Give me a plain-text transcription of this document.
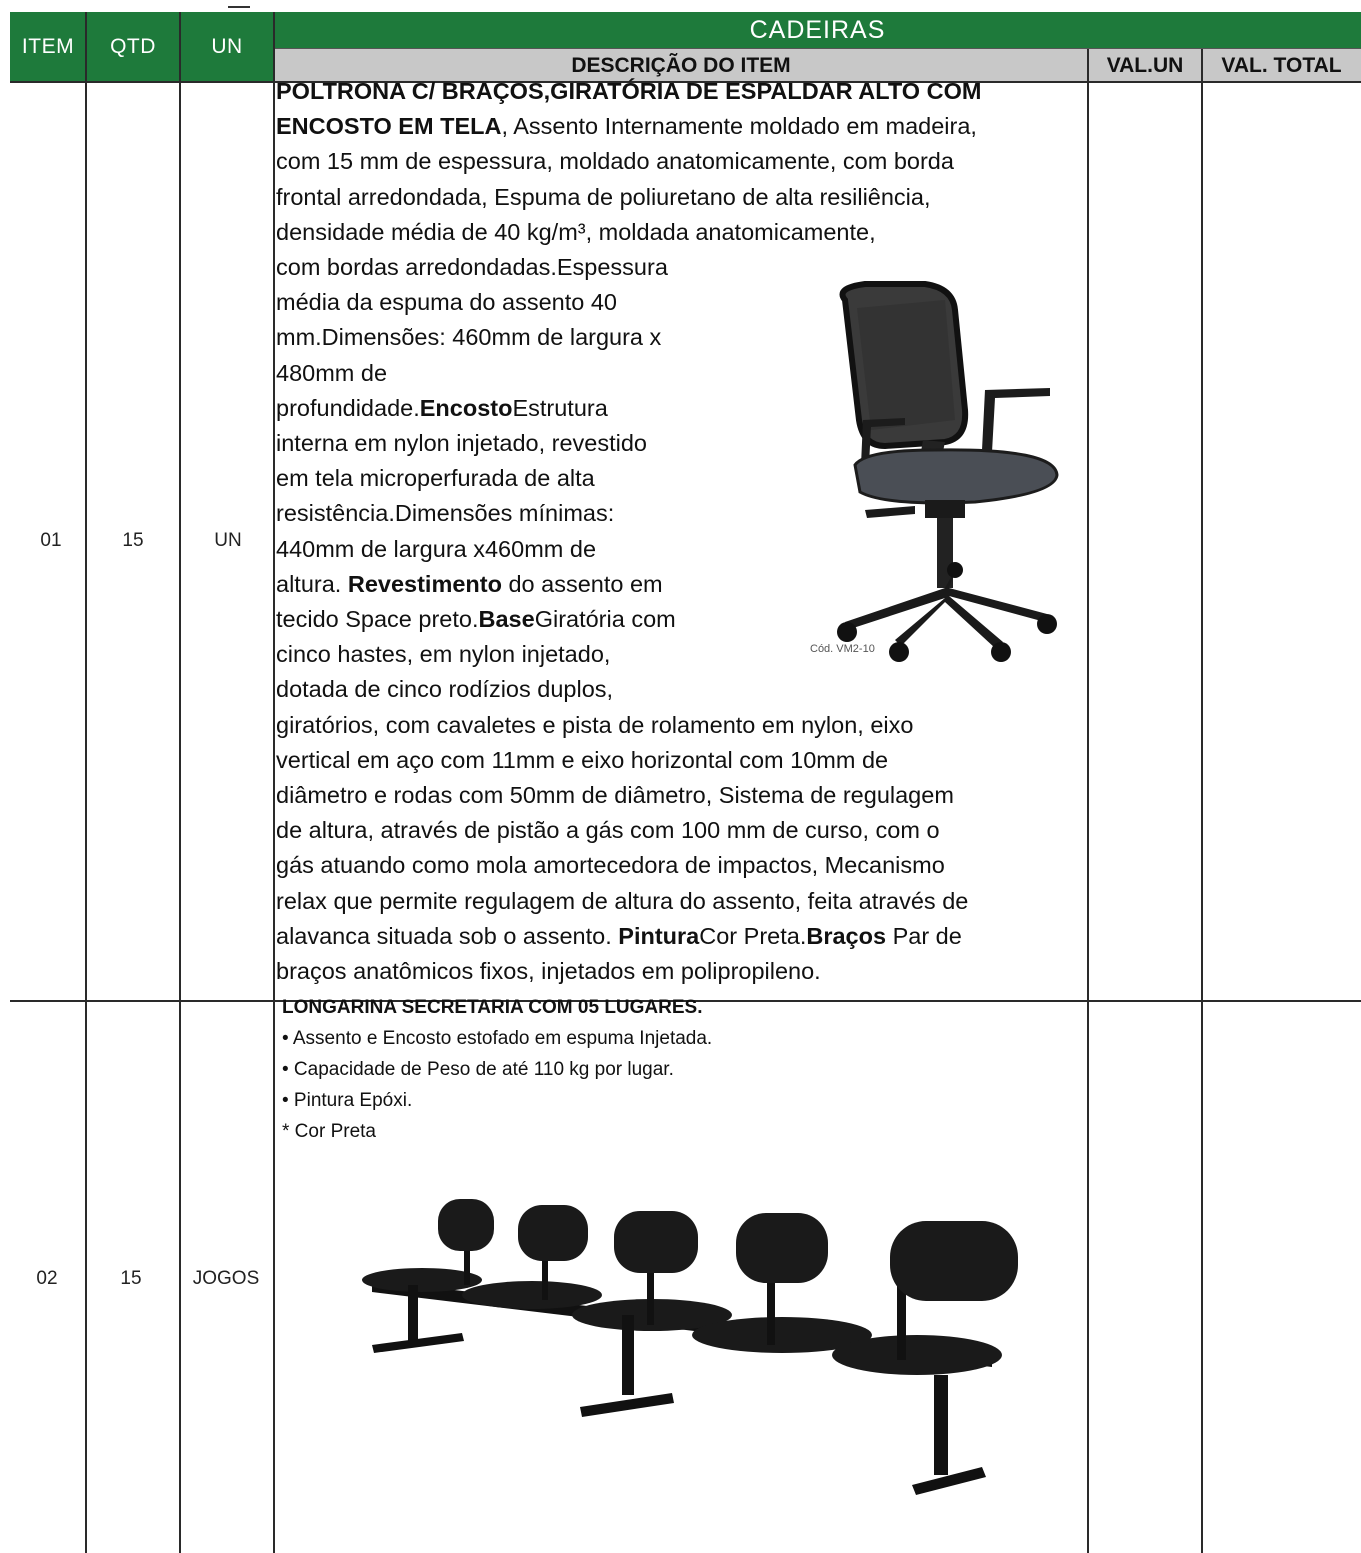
ITEM	QTD	UN
CADEIRAS
DESCRIÇÃO DO ITEM	VAL.UN	VAL. TOTAL
01	15	UN
POLTRONA C/ BRAÇOS,GIRATÓRIA DE ESPALDAR ALTO COM
ENCOSTO EM TELA, Assento Internamente moldado em madeira,
com 15 mm de espessura, moldado anatomicamente, com borda
frontal arredondada, Espuma de poliuretano de alta resiliência,
densidade média de 40 kg/m³, moldada anatomicamente,
com bordas arredondadas.Espessura
média da espuma do assento 40
mm.Dimensões: 460mm de largura x
480mm de
profundidade.EncostoEstrutura
interna em nylon injetado, revestido
em tela microperfurada de alta
resistência.Dimensões mínimas:
440mm de largura x460mm de
altura. Revestimento do assento em
tecido Space preto.BaseGiratória com
cinco hastes, em nylon injetado,
dotada de cinco rodízios duplos,
giratórios, com cavaletes e pista de rolamento em nylon, eixo
vertical em aço com 11mm e eixo horizontal com 10mm de
diâmetro e rodas com 50mm de diâmetro, Sistema de regulagem
de altura, através de pistão a gás com 100 mm de curso, com o
gás atuando como mola amortecedora de impactos, Mecanismo
relax que permite regulagem de altura do assento, feita através de
alavanca situada sob o assento. PinturaCor Preta.Braços Par de
braços anatômicos fixos, injetados em polipropileno.
Cód. VM2-10
02	15	JOGOS
LONGARINA SECRETARIA COM 05 LUGARES.
• Assento e Encosto estofado em espuma Injetada.
• Capacidade de Peso de até 110 kg por lugar.
• Pintura Epóxi.
* Cor Preta
